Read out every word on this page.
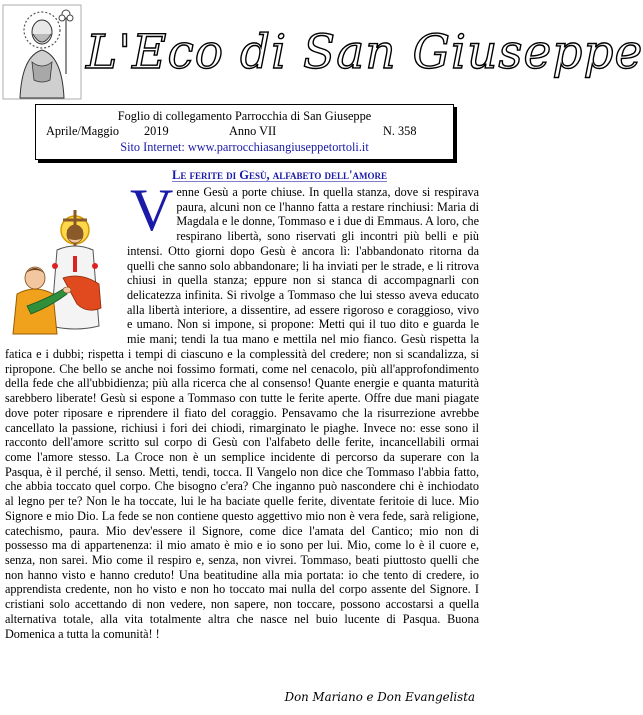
L'Eco di San Giuseppe
Foglio di collegamento Parrocchia di San Giuseppe
Aprile/Maggio 2019	Anno VII	N. 358
Sito Internet: www.parrocchiasangiuseppetortoli.it
Le ferite di Gesù, alfabeto dell'amore
V enne Gesù a porte chiuse. In quella stanza, dove si respirava paura, alcuni non ce l'hanno fatta a restare rinchiusi: Maria di Magdala e le donne, Tommaso e i due di Emmaus. A loro, che respirano libertà, sono riservati gli incontri più belli e più intensi. Otto giorni dopo Gesù è ancora lì: l'abbandonato ritorna da quelli che sanno solo abbandonare; li ha inviati per le strade, e li ritrova chiusi in quella stanza; eppure non si stanca di accompagnarli con delicatezza infinita. Si rivolge a Tommaso che lui stesso aveva educato alla libertà interiore, a dissentire, ad essere rigoroso e coraggioso, vivo e umano. Non si impone, si propone: Metti qui il tuo dito e guarda le mie mani; tendi la tua mano e mettila nel mio fianco. Gesù rispetta la fatica e i dubbi; rispetta i tempi di ciascuno e la complessità del credere; non si scandalizza, si ripropone. Che bello se anche noi fossimo formati, come nel cenacolo, più all'approfondimento della fede che all'ubbidienza; più alla ricerca che al consenso! Quante energie e quanta maturità sarebbero liberate! Gesù si espone a Tommaso con tutte le ferite aperte. Offre due mani piagate dove poter riposare e riprendere il fiato del coraggio. Pensavamo che la risurrezione avrebbe cancellato la passione, richiusi i fori dei chiodi, rimarginato le piaghe. Invece no: esse sono il racconto dell'amore scritto sul corpo di Gesù con l'alfabeto delle ferite, incancellabili ormai come l'amore stesso. La Croce non è un semplice incidente di percorso da superare con la Pasqua, è il perché, il senso. Metti, tendi, tocca. Il Vangelo non dice che Tommaso l'abbia fatto, che abbia toccato quel corpo. Che bisogno c'era? Che inganno può nascondere chi è inchiodato al legno per te? Non le ha toccate, lui le ha baciate quelle ferite, diventate feritoie di luce. Mio Signore e mio Dio. La fede se non contiene questo aggettivo mio non è vera fede, sarà religione, catechismo, paura. Mio dev'essere il Signore, come dice l'amata del Cantico; mio non di possesso ma di appartenenza: il mio amato è mio e io sono per lui. Mio, come lo è il cuore e, senza, non sarei. Mio come il respiro e, senza, non vivrei. Tommaso, beati piuttosto quelli che non hanno visto e hanno creduto! Una beatitudine alla mia portata: io che tento di credere, io apprendista credente, non ho visto e non ho toccato mai nulla del corpo assente del Signore. I cristiani solo accettando di non vedere, non sapere, non toccare, possono accostarsi a quella alternativa totale, alla vita totalmente altra che nasce nel buio lucente di Pasqua. Buona Domenica a tutta la comunità! !
Don Mariano e Don Evangelista
